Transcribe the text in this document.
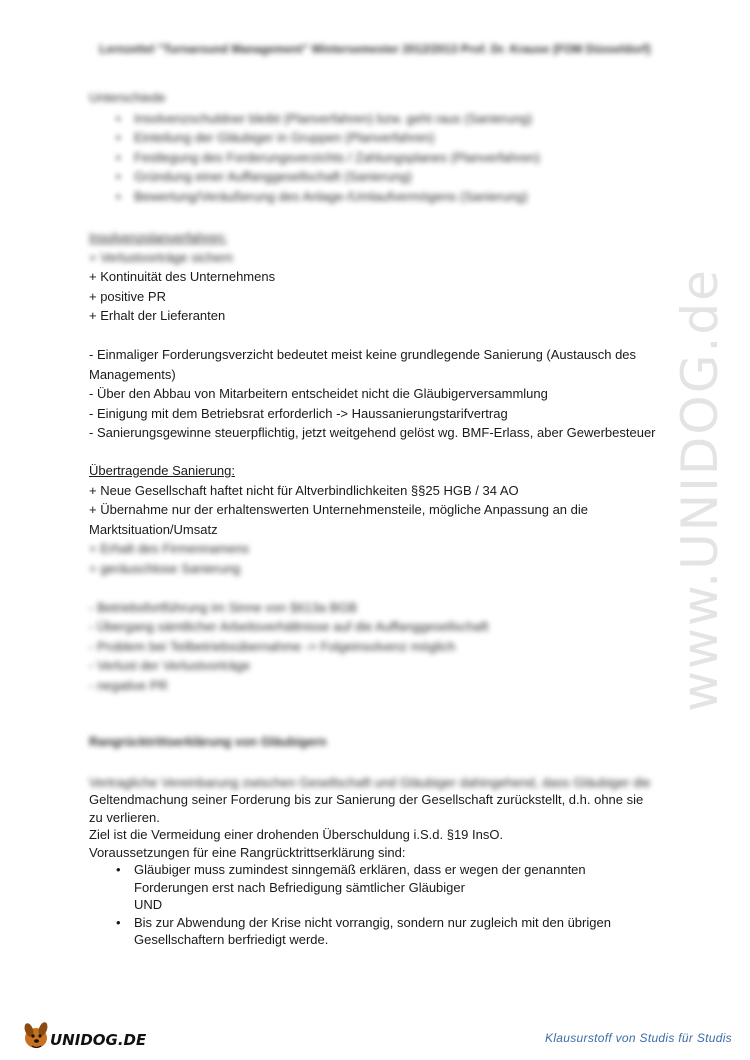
Lernzettel "Turnaround Management" Wintersemester 2012/2013 Prof. Dr. Krause (FOM Düsseldorf)
Unterschiede
• Insolvenzschuldner bleibt (Planverfahren) bzw. geht raus (Sanierung)
• Einteilung der Gläubiger in Gruppen (Planverfahren)
• Festlegung des Forderungsverzichts / Zahlungsplanes (Planverfahren)
• Gründung einer Auffanggesellschaft (Sanierung)
• Bewertung/Veräußerung des Anlage-/Umlaufvermögens (Sanierung)
Insolvenzplanverfahren:
+ Verlustvorträge sichern
+ Kontinuität des Unternehmens
+ positive PR
+ Erhalt der Lieferanten
- Einmaliger Forderungsverzicht bedeutet meist keine grundlegende Sanierung (Austausch des Managements)
- Über den Abbau von Mitarbeitern entscheidet nicht die Gläubigerversammlung
- Einigung mit dem Betriebsrat erforderlich -> Haussanierungstarifvertrag
- Sanierungsgewinne steuerpflichtig, jetzt weitgehend gelöst wg. BMF-Erlass, aber Gewerbesteuer
Übertragende Sanierung:
+ Neue Gesellschaft haftet nicht für Altverbindlichkeiten §§25 HGB / 34 AO
+ Übernahme nur der erhaltenswerten Unternehmensteile, mögliche Anpassung an die Marktsituation/Umsatz
+ Erhalt des Firmennamens
+ geräuschlose Sanierung
- Betriebsfortführung im Sinne von §613a BGB
- Übergang sämtlicher Arbeitsverhältnisse auf die Auffanggesellschaft
- Problem bei Teilbetriebsübernahme -> Folgeinsolvenz möglich
- Verlust der Verlustvorträge
- negative PR
Rangrücktrittserklärung von Gläubigern
Vertragliche Vereinbarung zwischen Gesellschaft und Gläubiger dahingehend, dass Gläubiger die
Geltendmachung seiner Forderung bis zur Sanierung der Gesellschaft zurückstellt, d.h. ohne sie zu verlieren.
Ziel ist die Vermeidung einer drohenden Überschuldung i.S.d. §19 InsO.
Voraussetzungen für eine Rangrücktrittserklärung sind:
• Gläubiger muss zumindest sinngemäß erklären, dass er wegen der genannten Forderungen erst nach Befriedigung sämtlicher Gläubiger
UND
• Bis zur Abwendung der Krise nicht vorrangig, sondern nur zugleich mit den übrigen Gesellschaftern berfriedigt werde.
www.UNIDOG.de
UNIDOG.DE	Klausurstoff von Studis für Studis
